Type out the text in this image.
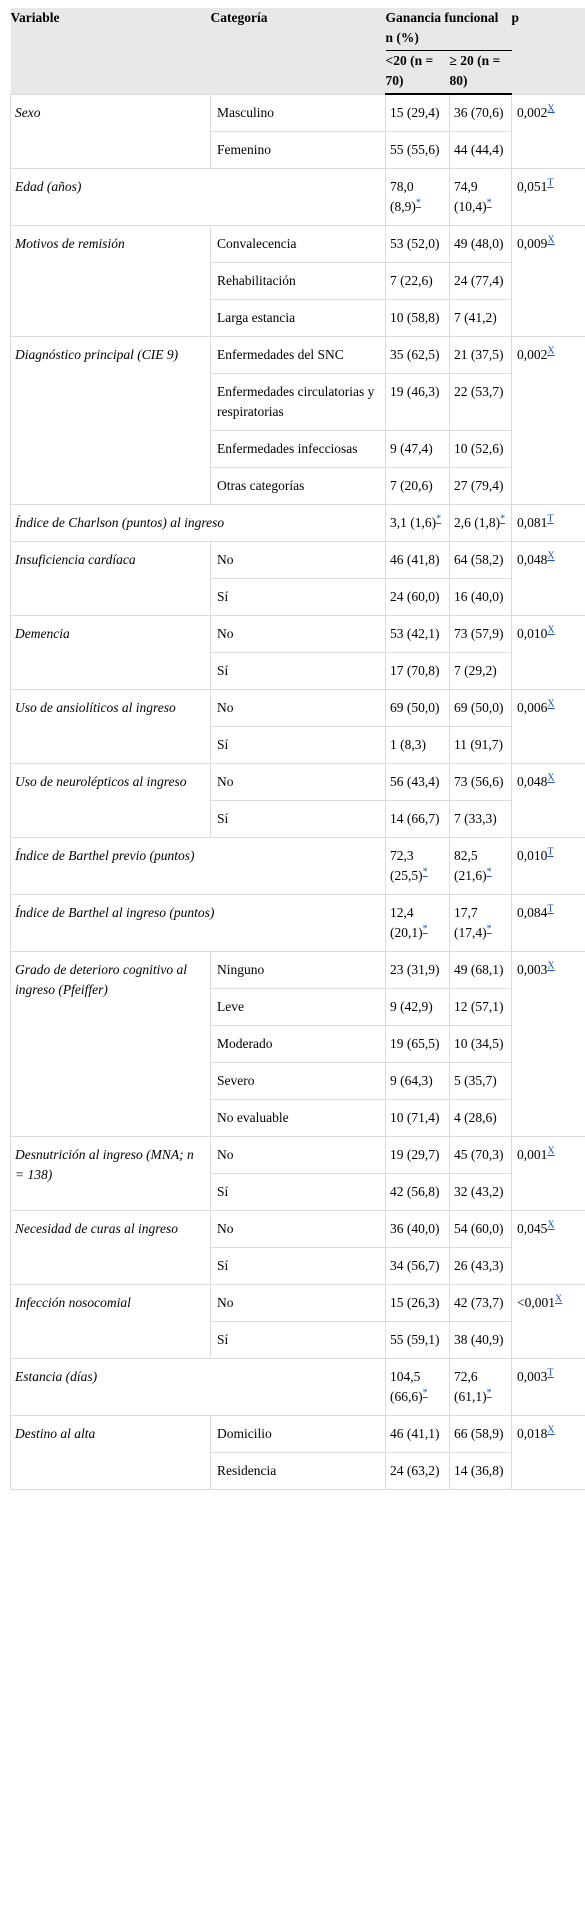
Variable	Categoría	Ganancia funcional n (%)		p
		<20 (n = 70)	≥ 20 (n = 80)	
Sexo	Masculino	15 (29,4)	36 (70,6)	0,002$^X$
	Femenino	55 (55,6)	44 (44,4)	
Edad (años)		78,0 (8,9)*	74,9 (10,4)*	0,051$^T$
Motivos de remisión	Convalecencia	53 (52,0)	49 (48,0)	0,009$^X$
	Rehabilitación	7 (22,6)	24 (77,4)	
	Larga estancia	10 (58,8)	7 (41,2)	
Diagnóstico principal (CIE 9)	Enfermedades del SNC	35 (62,5)	21 (37,5)	0,002$^X$
	Enfermedades circulatorias y respiratorias	19 (46,3)	22 (53,7)	
	Enfermedades infecciosas	9 (47,4)	10 (52,6)	
	Otras categorías	7 (20,6)	27 (79,4)	
Índice de Charlson (puntos) al ingreso		3,1 (1,6)*	2,6 (1,8)*	0,081$^T$
Insuficiencia cardíaca	No	46 (41,8)	64 (58,2)	0,048$^X$
	Sí	24 (60,0)	16 (40,0)	
Demencia	No	53 (42,1)	73 (57,9)	0,010$^X$
	Sí	17 (70,8)	7 (29,2)	
Uso de ansiolíticos al ingreso	No	69 (50,0)	69 (50,0)	0,006$^X$
	Sí	1 (8,3)	11 (91,7)	
Uso de neurolépticos al ingreso	No	56 (43,4)	73 (56,6)	0,048$^X$
	Sí	14 (66,7)	7 (33,3)	
Índice de Barthel previo (puntos)		72,3 (25,5)*	82,5 (21,6)*	0,010$^T$
Índice de Barthel al ingreso (puntos)		12,4 (20,1)*	17,7 (17,4)*	0,084$^T$
Grado de deterioro cognitivo al ingreso (Pfeiffer)	Ninguno	23 (31,9)	49 (68,1)	0,003$^X$
	Leve	9 (42,9)	12 (57,1)	
	Moderado	19 (65,5)	10 (34,5)	
	Severo	9 (64,3)	5 (35,7)	
	No evaluable	10 (71,4)	4 (28,6)	
Desnutrición al ingreso (MNA; n = 138)	No	19 (29,7)	45 (70,3)	0,001$^X$
	Sí	42 (56,8)	32 (43,2)	
Necesidad de curas al ingreso	No	36 (40,0)	54 (60,0)	0,045$^X$
	Sí	34 (56,7)	26 (43,3)	
Infección nosocomial	No	15 (26,3)	42 (73,7)	<0,001$^X$
	Sí	55 (59,1)	38 (40,9)	
Estancia (días)		104,5 (66,6)*	72,6 (61,1)*	0,003$^T$
Destino al alta	Domicilio	46 (41,1)	66 (58,9)	0,018$^X$
	Residencia	24 (63,2)	14 (36,8)	
